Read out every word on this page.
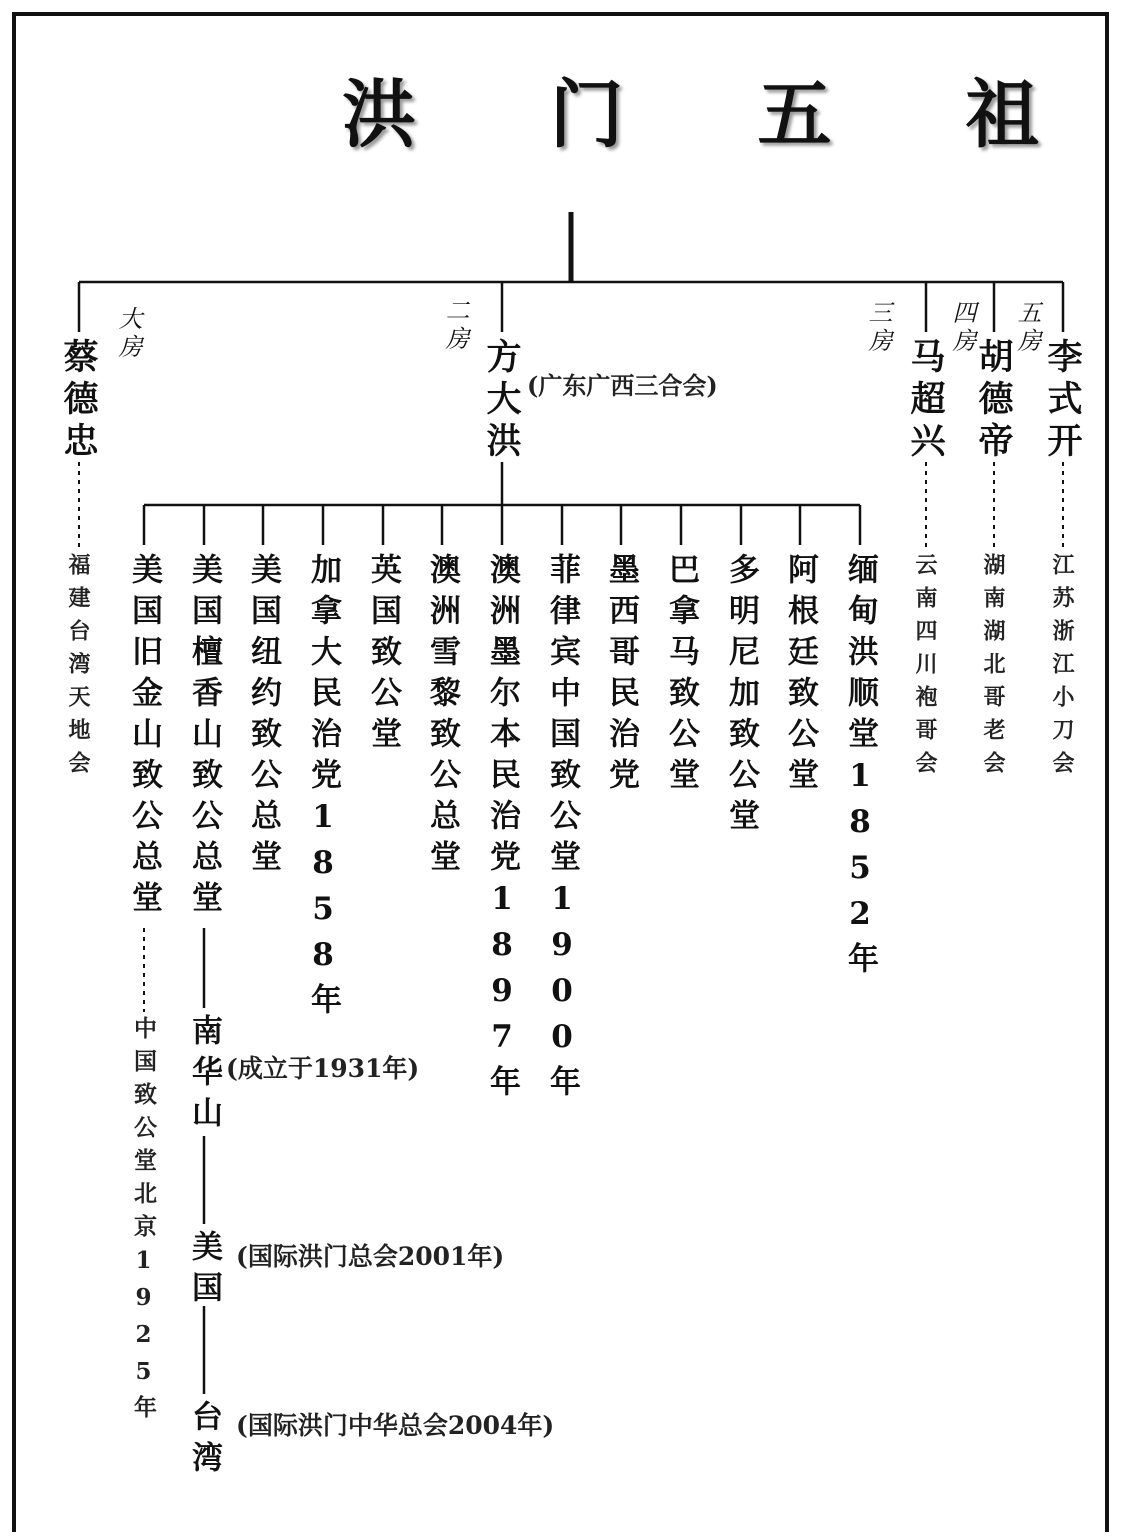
洪 门 五 祖
大房	二房	三房 四房 五房
蔡德忠	方大洪	马超兴 胡德帝 李式开
(广东广西三合会)
福建台湾天地会	云南四川袍哥会 湖南湖北哥老会 江苏浙江小刀会
美国旧金山致公总堂 美国檀香山致公总堂 美国纽约致公总堂 加拿大民治党1858年 英国致公堂 澳洲雪黎致公总堂 澳洲墨尔本民治党1897年 菲律宾中国致公堂1900年 墨西哥民治党 巴拿马致公堂 多明尼加致公堂 阿根廷致公堂 缅甸洪顺堂1852年
中国致公堂北京1925年 南华山 (成立于1931年)
美国 (国际洪门总会2001年)
台湾 (国际洪门中华总会2004年)
